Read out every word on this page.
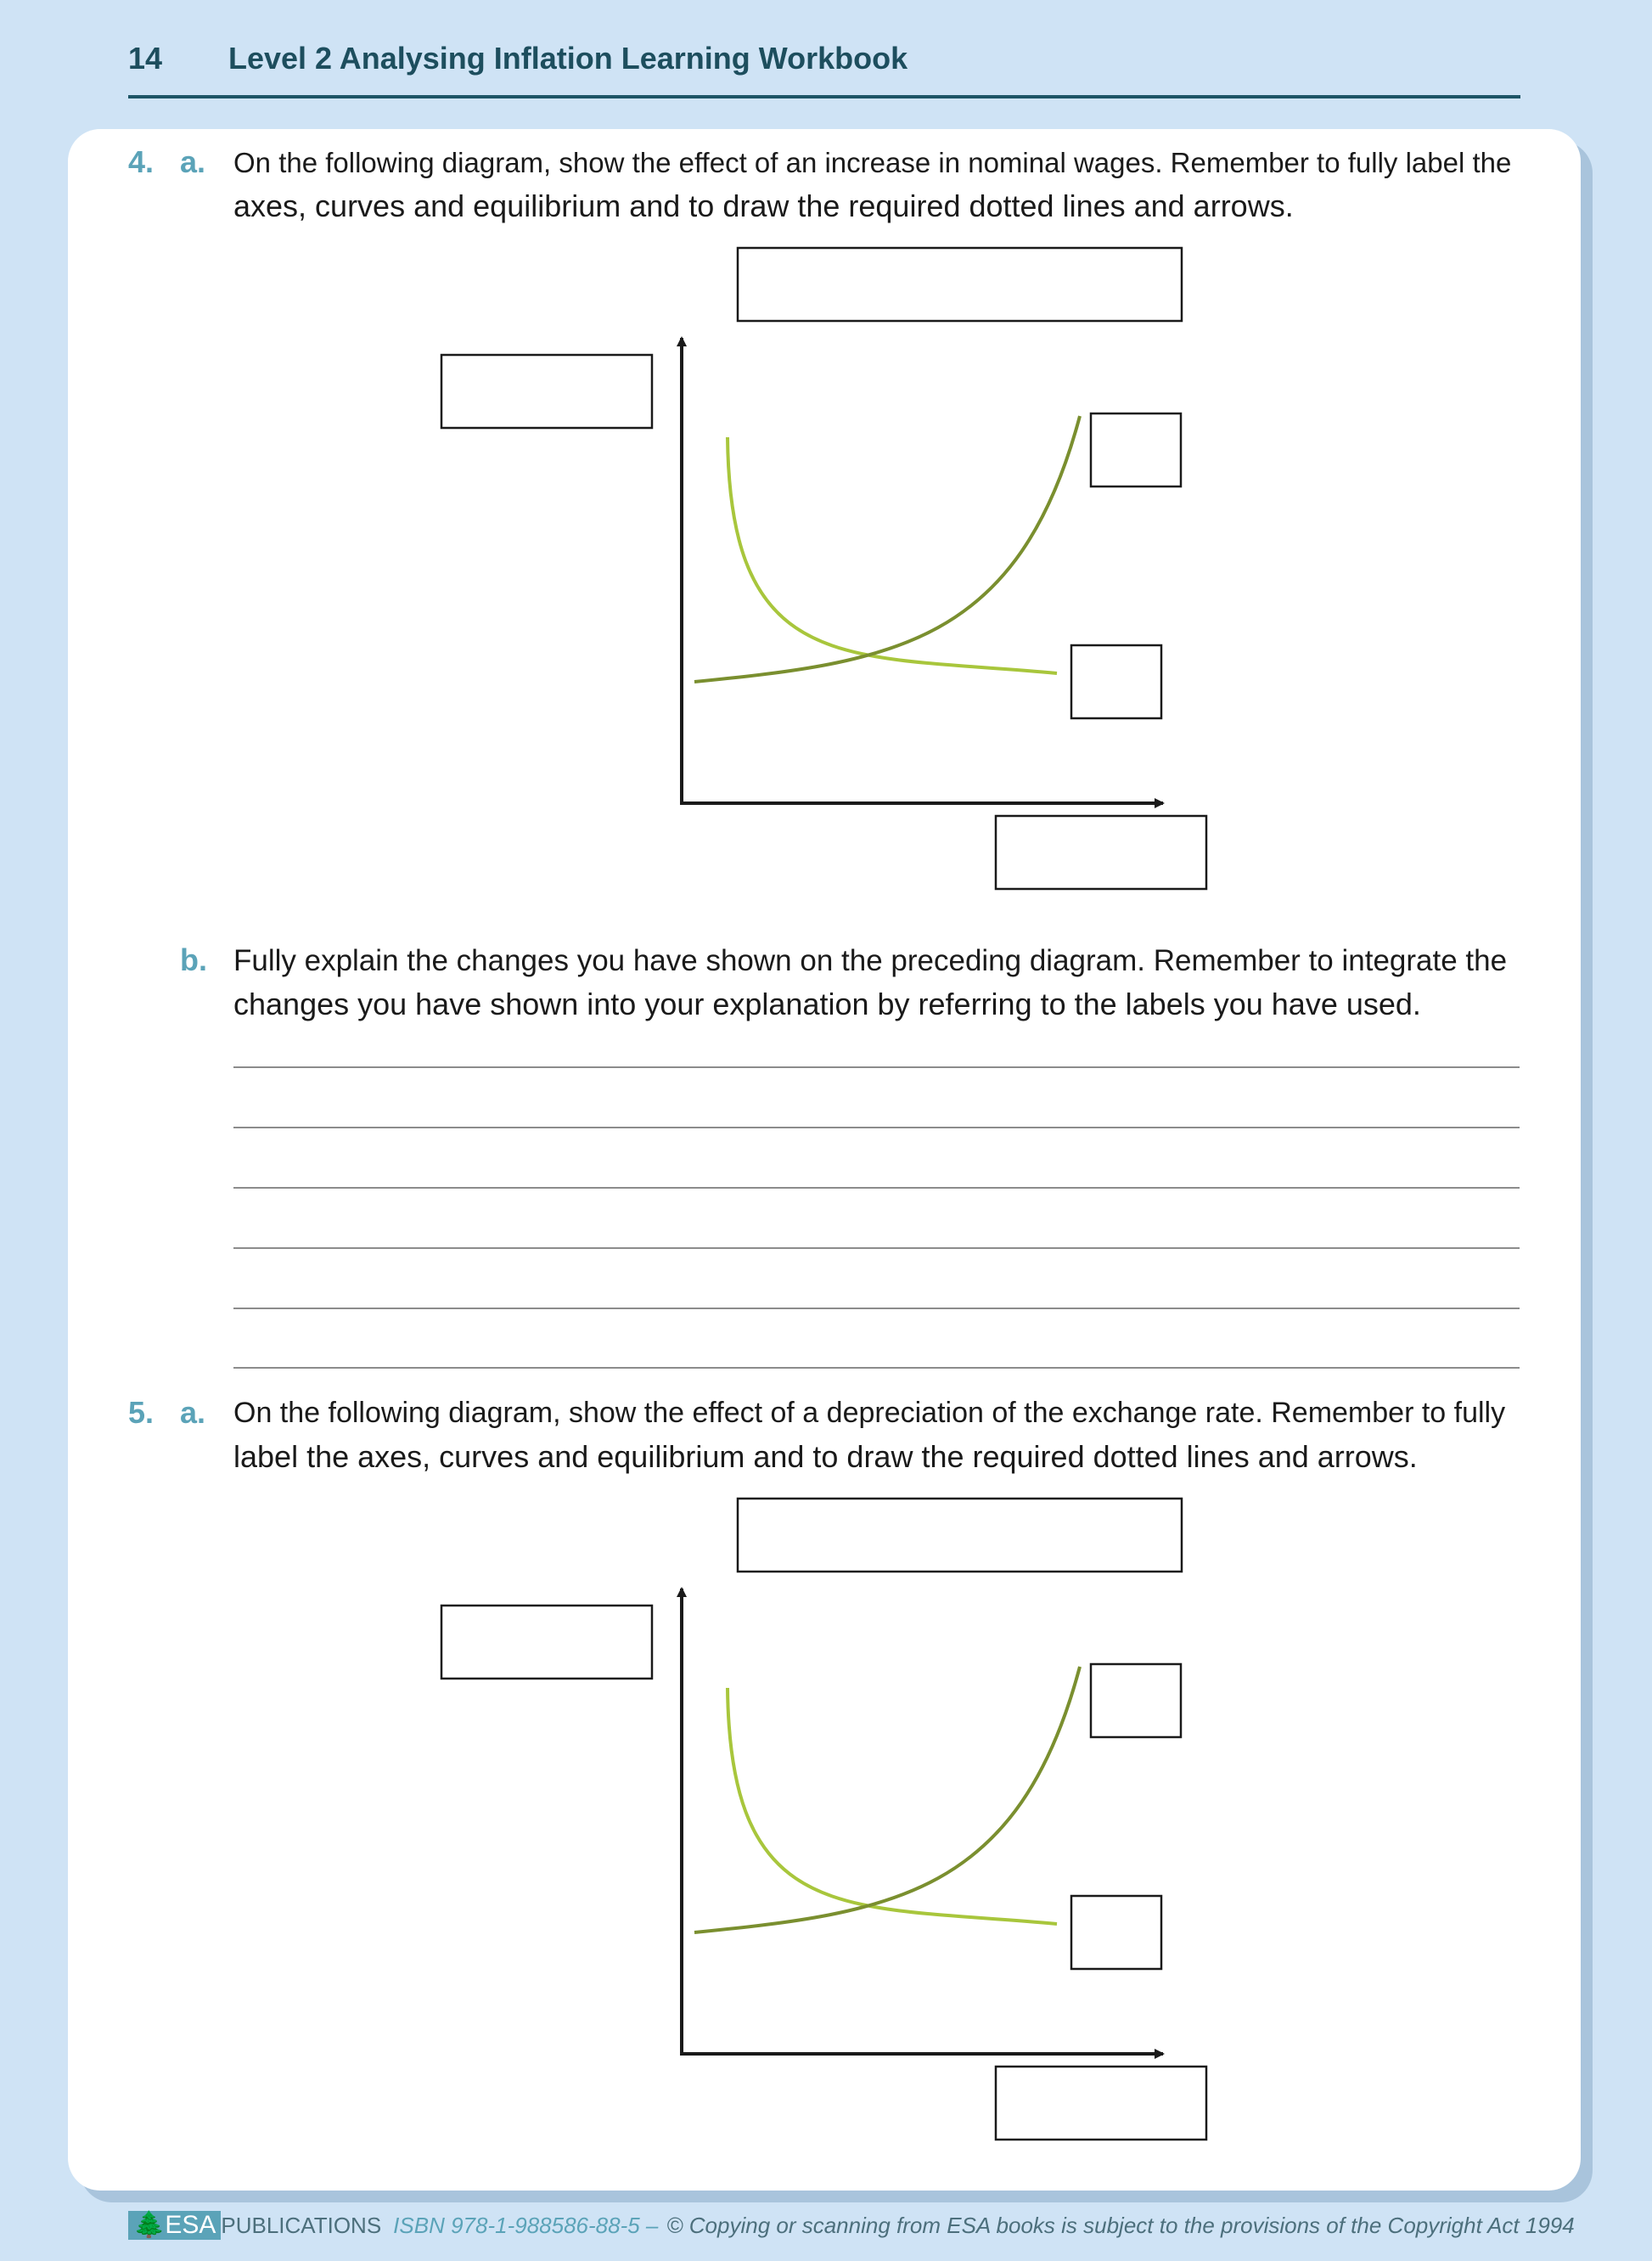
14 Level 2 Analysing Inflation Learning Workbook
4. a. On the following diagram, show the effect of an increase in nominal wages. Remember to fully label the
axes, curves and equilibrium and to draw the required dotted lines and arrows.
b. Fully explain the changes you have shown on the preceding diagram. Remember to integrate the
changes you have shown into your explanation by referring to the labels you have used.
5. a. On the following diagram, show the effect of a depreciation of the exchange rate. Remember to fully
label the axes, curves and equilibrium and to draw the required dotted lines and arrows.
🌲ESA PUBLICATIONS ISBN 978-1-988586-88-5 – © Copying or scanning from ESA books is subject to the provisions of the Copyright Act 1994
